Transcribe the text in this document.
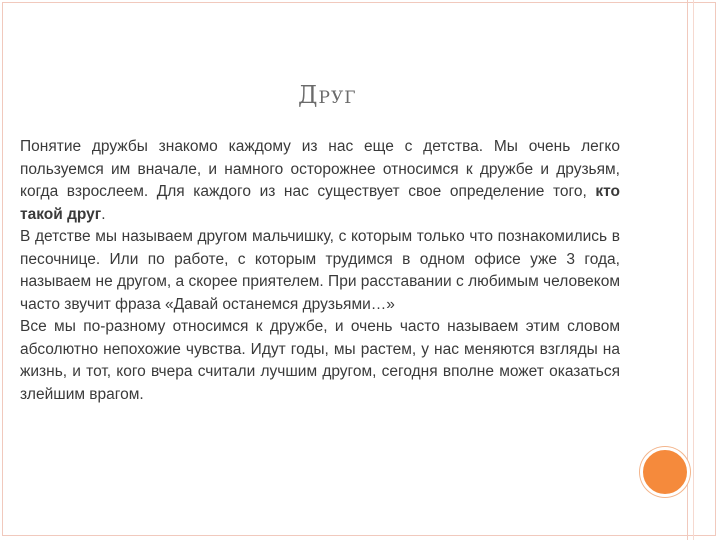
Друг

Понятие дружбы знакомо каждому из нас еще с детства. Мы очень легко пользуемся им вначале, и намного осторожнее относимся к дружбе и друзьям, когда взрослеем. Для каждого из нас существует свое определение того, кто такой друг.

В детстве мы называем другом мальчишку, с которым только что познакомились в песочнице. Или по работе, с которым трудимся в одном офисе уже 3 года, называем не другом, а скорее приятелем. При расставании с любимым человеком часто звучит фраза «Давай останемся друзьями…»

Все мы по-разному относимся к дружбе, и очень часто называем этим словом абсолютно непохожие чувства. Идут годы, мы растем, у нас меняются взгляды на жизнь, и тот, кого вчера считали лучшим другом, сегодня вполне может оказаться злейшим врагом.
